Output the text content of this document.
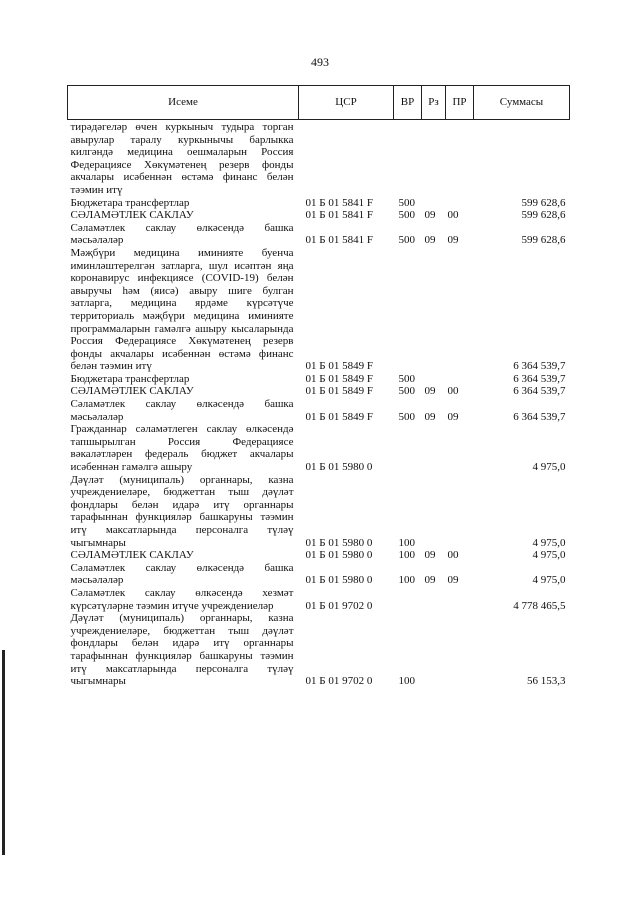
493
Исеме	ЦСР	ВР	Рз	ПР	Суммасы
тирәдәгеләр өчен куркыныч тудыра торган авырулар таралу куркынычы барлыкка килгәндә медицина оешмаларын Россия Федерациясе Хөкүмәтенең резерв фонды акчалары исәбеннән өстәмә финанс белән тәэмин итү					
Бюджетара трансфертлар	01 Б 01 5841 F	500			599 628,6
СӘЛАМӘТЛЕК САКЛАУ	01 Б 01 5841 F	500	09	00	599 628,6
Сәламәтлек саклау өлкәсендә башка мәсьәләләр	01 Б 01 5841 F	500	09	09	599 628,6
Мәҗбүри медицина иминияте буенча иминләштерелгән затларга, шул исәптән яңа коронавирус инфекциясе (COVID-19) белән авыручы һәм (яисә) авыру шиге булган затларга, медицина ярдәме күрсәтүче территориаль мәҗбүри медицина иминияте программаларын гамәлгә ашыру кысаларында Россия Федерациясе Хөкүмәтенең резерв фонды акчалары исәбеннән өстәмә финанс белән тәэмин итү	01 Б 01 5849 F				6 364 539,7
Бюджетара трансфертлар	01 Б 01 5849 F	500			6 364 539,7
СӘЛАМӘТЛЕК САКЛАУ	01 Б 01 5849 F	500	09	00	6 364 539,7
Сәламәтлек саклау өлкәсендә башка мәсьәләләр	01 Б 01 5849 F	500	09	09	6 364 539,7
Гражданнар сәламәтлеген саклау өлкәсендә тапшырылган Россия Федерациясе вәкаләтләрен федераль бюджет акчалары исәбеннән гамәлгә ашыру	01 Б 01 5980 0				4 975,0
Дәүләт (муниципаль) органнары, казна учреждениеләре, бюджеттан тыш дәүләт фондлары белән идарә итү органнары тарафыннан функцияләр башкаруны тәэмин итү максатларында персоналга түләү чыгымнары	01 Б 01 5980 0	100			4 975,0
СӘЛАМӘТЛЕК САКЛАУ	01 Б 01 5980 0	100	09	00	4 975,0
Сәламәтлек саклау өлкәсендә башка мәсьәләләр	01 Б 01 5980 0	100	09	09	4 975,0
Сәламәтлек саклау өлкәсендә хезмәт күрсәтүләрне тәэмин итүче учреждениеләр	01 Б 01 9702 0				4 778 465,5
Дәүләт (муниципаль) органнары, казна учреждениеләре, бюджеттан тыш дәүләт фондлары белән идарә итү органнары тарафыннан функцияләр башкаруны тәэмин итү максатларында персоналга түләү чыгымнары	01 Б 01 9702 0	100			56 153,3
